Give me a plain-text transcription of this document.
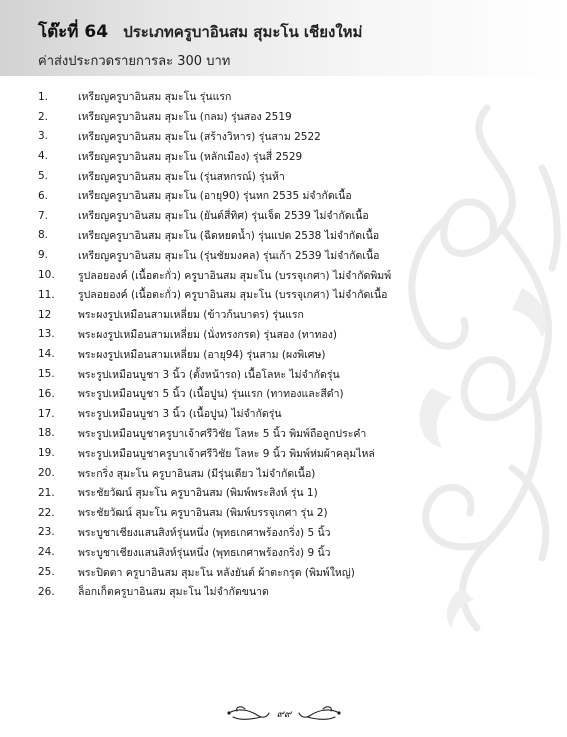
โต๊ะที่ 64 ประเภทครูบาอินสม สุมะโน เชียงใหม่
ค่าส่งประกวดรายการละ 300 บาท
1.	เหรียญครูบาอินสม สุมะโน รุ่นแรก
2.	เหรียญครูบาอินสม สุมะโน (กลม) รุ่นสอง 2519
3.	เหรียญครูบาอินสม สุมะโน (สร้างวิหาร) รุ่นสาม 2522
4.	เหรียญครูบาอินสม สุมะโน (หลักเมือง) รุ่นสี่ 2529
5.	เหรียญครูบาอินสม สุมะโน (รุ่นสหกรณ์) รุ่นห้า
6.	เหรียญครูบาอินสม สุมะโน (อายุ90) รุ่นหก 2535 ม่จำกัดเนื้อ
7.	เหรียญครูบาอินสม สุมะโน (ยันต์สี่ทิศ) รุ่นเจ็ด 2539 ไม่จำกัดเนื้อ
8.	เหรียญครูบาอินสม สุมะโน (ฉีดหยดน้ำ) รุ่นแปด 2538 ไม่จำกัดเนื้อ
9.	เหรียญครูบาอินสม สุมะโน (รุ่นชัยมงคล) รุ่นเก้า 2539 ไม่จำกัดเนื้อ
10.	รูปลอยองค์ (เนื้อตะกั่ว) ครูบาอินสม สุมะโน (บรรจุเกศา) ไม่จำกัดพิมพ์
11.	รูปลอยองค์ (เนื้อตะกั่ว) ครูบาอินสม สุมะโน (บรรจุเกศา) ไม่จำกัดเนื้อ
12	พระผงรูปเหมือนสามเหลี่ยม (ข้าวก้นบาตร) รุ่นแรก
13.	พระผงรูปเหมือนสามเหลี่ยม (นั่งทรงกรด) รุ่นสอง (ทาทอง)
14.	พระผงรูปเหมือนสามเหลี่ยม (อายุ94) รุ่นสาม (ผงพิเศษ)
15.	พระรูปเหมือนบูชา 3 นิ้ว (ตั้งหน้ารถ) เนื้อโลหะ ไม่จำกัดรุ่น
16.	พระรูปเหมือนบูชา 5 นิ้ว (เนื้อปูน) รุ่นแรก (ทาทองและสีดำ)
17.	พระรูปเหมือนบูชา 3 นิ้ว (เนื้อปูน) ไม่จำกัดรุ่น
18.	พระรูปเหมือนบูชาครูบาเจ้าศรีวิชัย โลหะ 5 นิ้ว พิมพ์ถือลูกประคำ
19.	พระรูปเหมือนบูชาครูบาเจ้าศรีวิชัย โลหะ 9 นิ้ว พิมพ์ห่มผ้าคลุมไหล่
20.	พระกริ่ง สุมะโน ครูบาอินสม (มีรุ่นเดียว ไม่จำกัดเนื้อ)
21.	พระชัยวัฒน์ สุมะโน ครูบาอินสม (พิมพ์พระสิงห์ รุ่น 1)
22.	พระชัยวัฒน์ สุมะโน ครูบาอินสม (พิมพ์บรรจุเกศา รุ่น 2)
23.	พระบูชาเชียงแสนสิงห์รุ่นหนึ่ง (พุทธเกศาพร้องกริ่ง) 5 นิ้ว
24.	พระบูชาเชียงแสนสิงห์รุ่นหนึ่ง (พุทธเกศาพร้องกริ่ง) 9 นิ้ว
25.	พระปิดตา ครูบาอินสม สุมะโน หลังยันต์ ผ้าตะกรุด (พิมพ์ใหญ่)
26.	ล็อกเก็ตครูบาอินสม สุมะโน ไม่จำกัดขนาด
๙๙
